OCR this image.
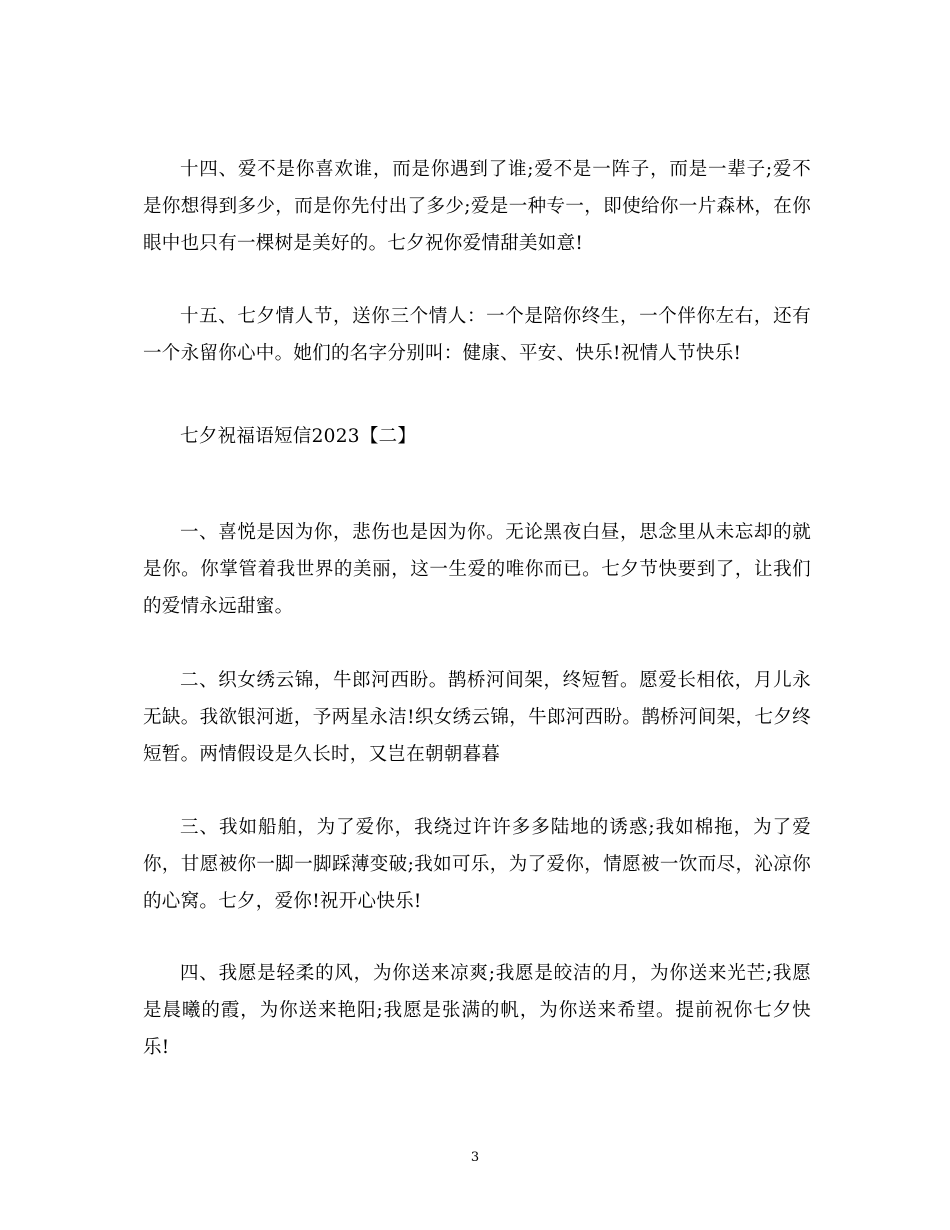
十四、爱不是你喜欢谁，而是你遇到了谁;爱不是一阵子，而是一辈子;爱不是你想得到多少，而是你先付出了多少;爱是一种专一，即使给你一片森林，在你眼中也只有一棵树是美好的。七夕祝你爱情甜美如意!

十五、七夕情人节，送你三个情人：一个是陪你终生，一个伴你左右，还有一个永留你心中。她们的名字分别叫：健康、平安、快乐!祝情人节快乐!

七夕祝福语短信2023【二】

一、喜悦是因为你，悲伤也是因为你。无论黑夜白昼，思念里从未忘却的就是你。你掌管着我世界的美丽，这一生爱的唯你而已。七夕节快要到了，让我们的爱情永远甜蜜。

二、织女绣云锦，牛郎河西盼。鹊桥河间架，终短暂。愿爱长相依，月儿永无缺。我欲银河逝，予两星永洁!织女绣云锦，牛郎河西盼。鹊桥河间架，七夕终短暂。两情假设是久长时，又岂在朝朝暮暮

三、我如船舶，为了爱你，我绕过许许多多陆地的诱惑;我如棉拖，为了爱你，甘愿被你一脚一脚踩薄变破;我如可乐，为了爱你，情愿被一饮而尽，沁凉你的心窝。七夕，爱你!祝开心快乐!

四、我愿是轻柔的风，为你送来凉爽;我愿是皎洁的月，为你送来光芒;我愿是晨曦的霞，为你送来艳阳;我愿是张满的帆，为你送来希望。提前祝你七夕快乐!

3
